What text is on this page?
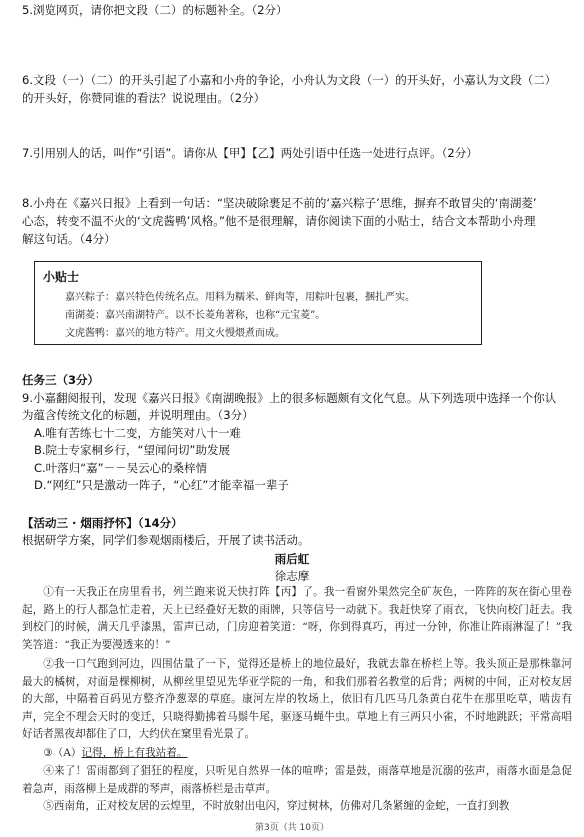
5.浏览网页，请你把文段（二）的标题补全。（2分）
6.文段（一）（二）的开头引起了小嘉和小舟的争论，小舟认为文段（一）的开头好，小嘉认为文段（二）
的开头好，你赞同谁的看法？说说理由。（2分）
7.引用别人的话，叫作“引语”。请你从【甲】【乙】两处引语中任选一处进行点评。（2分）
8.小舟在《嘉兴日报》上看到一句话：“坚决破除裹足不前的‘嘉兴粽子’思维，摒弃不敢冒尖的‘南湖菱’
心态，转变不温不火的‘文虎酱鸭’风格。”他不是很理解，请你阅读下面的小贴士，结合文本帮助小舟理
解这句话。（4分）
小贴士
嘉兴粽子：嘉兴特色传统名点。用料为糯米、鲜肉等，用粽叶包裹，捆扎严实。
南湖菱：嘉兴南湖特产。以不长菱角著称，也称“元宝菱”。
文虎酱鸭：嘉兴的地方特产。用文火慢煨煮而成。
任务三（3分）
9.小嘉翻阅报刊，发现《嘉兴日报》《南湖晚报》上的很多标题颇有文化气息。从下列选项中选择一个你认
为蕴含传统文化的标题，并说明理由。（3分）
A.唯有苦练七十二变，方能笑对八十一难
B.院士专家桐乡行，“望闻问切”助发展
C.叶落归“嘉”－－吴云心的桑梓情
D.“网红”只是激动一阵子，“心红”才能幸福一辈子
【活动三 · 烟雨抒怀】（14分）
根据研学方案，同学们参观烟雨楼后，开展了读书活动。
雨后虹
徐志摩
①有一天我正在房里看书，列兰跑来说天快打阵【丙】了。我一看窗外果然完全矿灰色，一阵阵的灰在街心里卷起，路上的行人都急忙走着，天上已经叠好无数的雨牌，只等信号一动就下。我赶快穿了雨衣，飞快向校门赶去。我到校门的时候，满天几乎漆黑，雷声已动，门房迎着笑道：“呀，你到得真巧，再过一分钟，你准让阵雨淋湿了！”我笑答道：“我正为要漫透来的！”
②我一口气跑到河边，四围估量了一下，觉得还是桥上的地位最好，我就去靠在桥栏上等。我头顶正是那株靠河最大的橘树，对面是棵柳树，从柳丝里望见先华亚学院的一角，和我们那着名教堂的后背；两树的中间，正对校友居的大部，中隔着百码见方整齐净葱翠的草庭。康河左岸的牧场上，依旧有几匹马几条黄白花牛在那里吃草，啮齿有声，完全不理会天时的变迁，只晓得勤拂着马鬃牛尾，驱逐马蝇牛虫。草地上有三两只小雀，不时地跳跃；平常高唱好话者黑夜却都住了口，大约伏在窠里看光景了。
③（A）记得，桥上有我站着。
④来了！雷雨都到了猖狂的程度，只听见自然界一体的喧哗；雷是鼓，雨落草地是沉溺的弦声，雨落水面是急促着急声，雨落柳上是成群的琴声，雨落桥栏是击草声。
⑤西南角，正对校友居的云煌里，不时放射出电闪，穿过树林，仿佛对几条紧缠的金蛇，一直打到教
第3页（共 10页）
